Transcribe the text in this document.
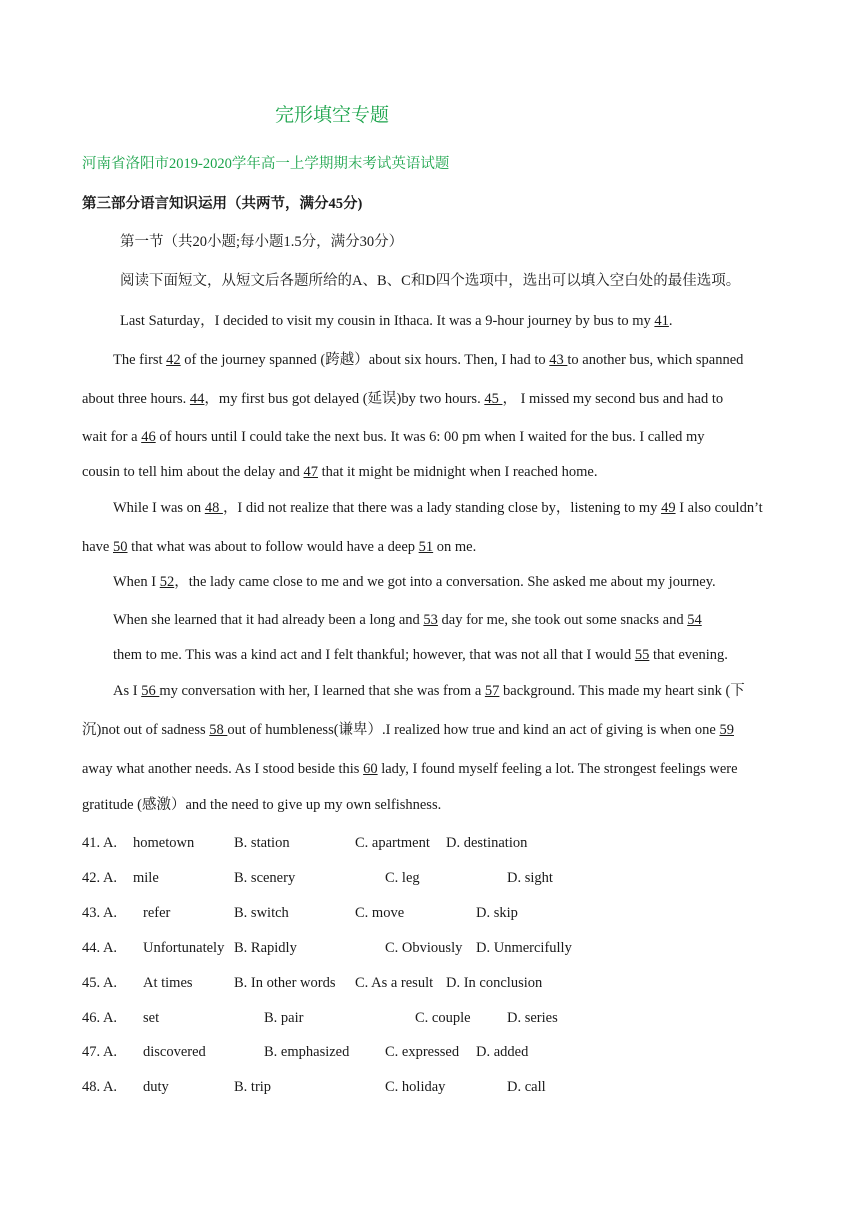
完形填空专题
河南省洛阳市2019-2020学年高一上学期期末考试英语试题
第三部分语言知识运用（共两节，满分45分)
第一节（共20小题;每小题1.5分，满分30分）
阅读下面短文，从短文后各题所给的A、B、C和D四个选项中，选出可以填入空白处的最佳选项。
Last Saturday，I decided to visit my cousin in Ithaca. It was a 9-hour journey by bus to my 41.
The first 42 of the journey spanned (跨越）about six hours. Then, I had to 43 to another bus, which spanned
about three hours. 44，my first bus got delayed (延误)by two hours. 45 ， I missed my second bus and had to
wait for a 46 of hours until I could take the next bus. It was 6: 00 pm when I waited for the bus. I called my
cousin to tell him about the delay and 47 that it might be midnight when I reached home.
While I was on 48 ，I did not realize that there was a lady standing close by，listening to my 49 I also couldn’t
have 50 that what was about to follow would have a deep 51 on me.
When I 52，the lady came close to me and we got into a conversation. She asked me about my journey.
When she learned that it had already been a long and 53 day for me, she took out some snacks and 54
them to me. This was a kind act and I felt thankful; however, that was not all that I would 55 that evening.
As I 56 my conversation with her, I learned that she was from a 57 background. This made my heart sink (下
沉)not out of sadness 58 out of humbleness(谦卑）.I realized how true and kind an act of giving is when one 59
away what another needs. As I stood beside this 60 lady, I found myself feeling a lot. The strongest feelings were
gratitude (感激）and the need to give up my own selfishness.
41. A. hometown	B. station	C. apartment D. destination
42. A. mile	B. scenery	C. leg	D. sight
43. A. refer	B. switch	C. move	D. skip
44. A. Unfortunately B. Rapidly	C. Obviously D. Unmercifully
45. A. At times	B. In other words C. As a result D. In conclusion
46. A. set	B. pair	C. couple	D. series
47. A. discovered	B. emphasized C. expressed D. added
48. A. duty	B. trip	C. holiday	D. call
